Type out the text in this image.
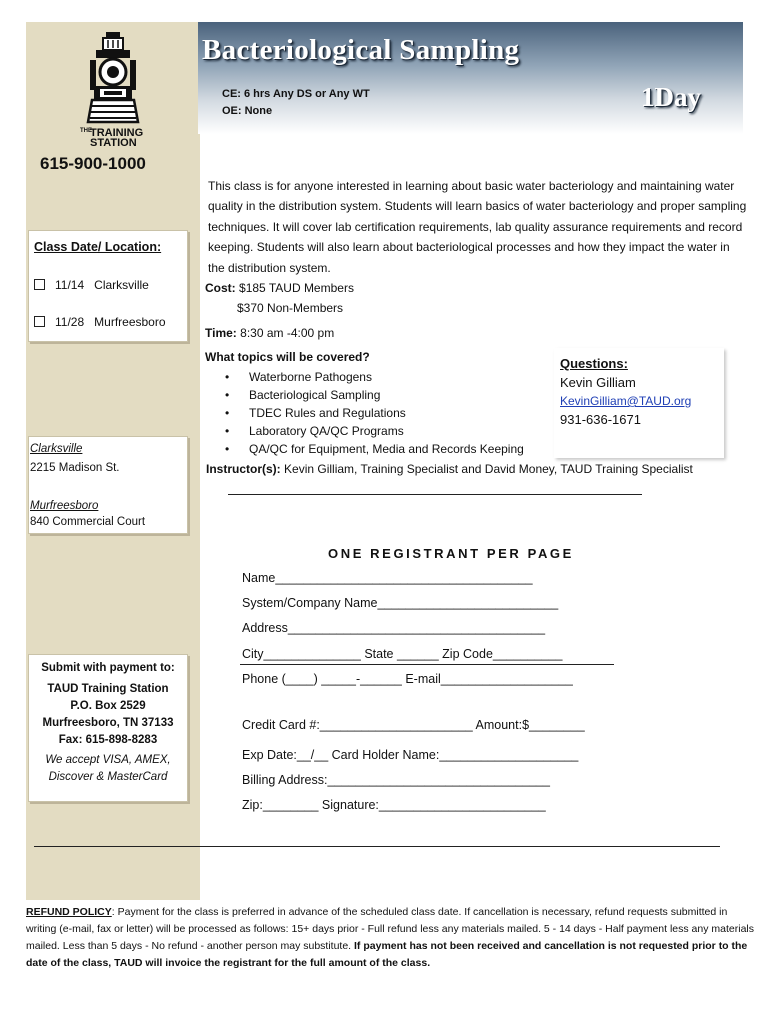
THE
TRAINING
STATION
615-900-1000
Class Date/ Location:
11/14 Clarksville
11/28 Murfreesboro
Clarksville
2215 Madison St.
Murfreesboro
840 Commercial Court
Submit with payment to:
TAUD Training Station
P.O. Box 2529
Murfreesboro, TN 37133
Fax: 615-898-8283
We accept VISA, AMEX,
Discover & MasterCard
Bacteriological Sampling
1Day
CE: 6 hrs Any DS or Any WT
OE: None
This class is for anyone interested in learning about basic water bacteriology and maintaining water quality in the distribution system. Students will learn basics of water bacteriology and proper sampling techniques. It will cover lab certification requirements, lab quality assurance requirements and record keeping. Students will also learn about bacteriological processes and how they impact the water in the distribution system.
Cost: $185 TAUD Members
$370 Non-Members
Time: 8:30 am -4:00 pm
What topics will be covered?
• Waterborne Pathogens
• Bacteriological Sampling
• TDEC Rules and Regulations
• Laboratory QA/QC Programs
• QA/QC for Equipment, Media and Records Keeping
Questions:
Kevin Gilliam
KevinGilliam@TAUD.org
931-636-1671
Instructor(s): Kevin Gilliam, Training Specialist and David Money, TAUD Training Specialist
ONE REGISTRANT PER PAGE
Name_____________________________________
System/Company Name__________________________
Address_____________________________________
City______________ State ______ Zip Code__________
Phone (____) _____-______ E-mail___________________
Credit Card #:______________________ Amount:$________
Exp Date:__/__ Card Holder Name:____________________
Billing Address:________________________________
Zip:________ Signature:________________________
REFUND POLICY: Payment for the class is preferred in advance of the scheduled class date. If cancellation is necessary, refund requests submitted in writing (e-mail, fax or letter) will be processed as follows: 15+ days prior - Full refund less any materials mailed. 5 - 14 days - Half payment less any materials mailed. Less than 5 days - No refund - another person may substitute. If payment has not been received and cancellation is not requested prior to the date of the class, TAUD will invoice the registrant for the full amount of the class.
